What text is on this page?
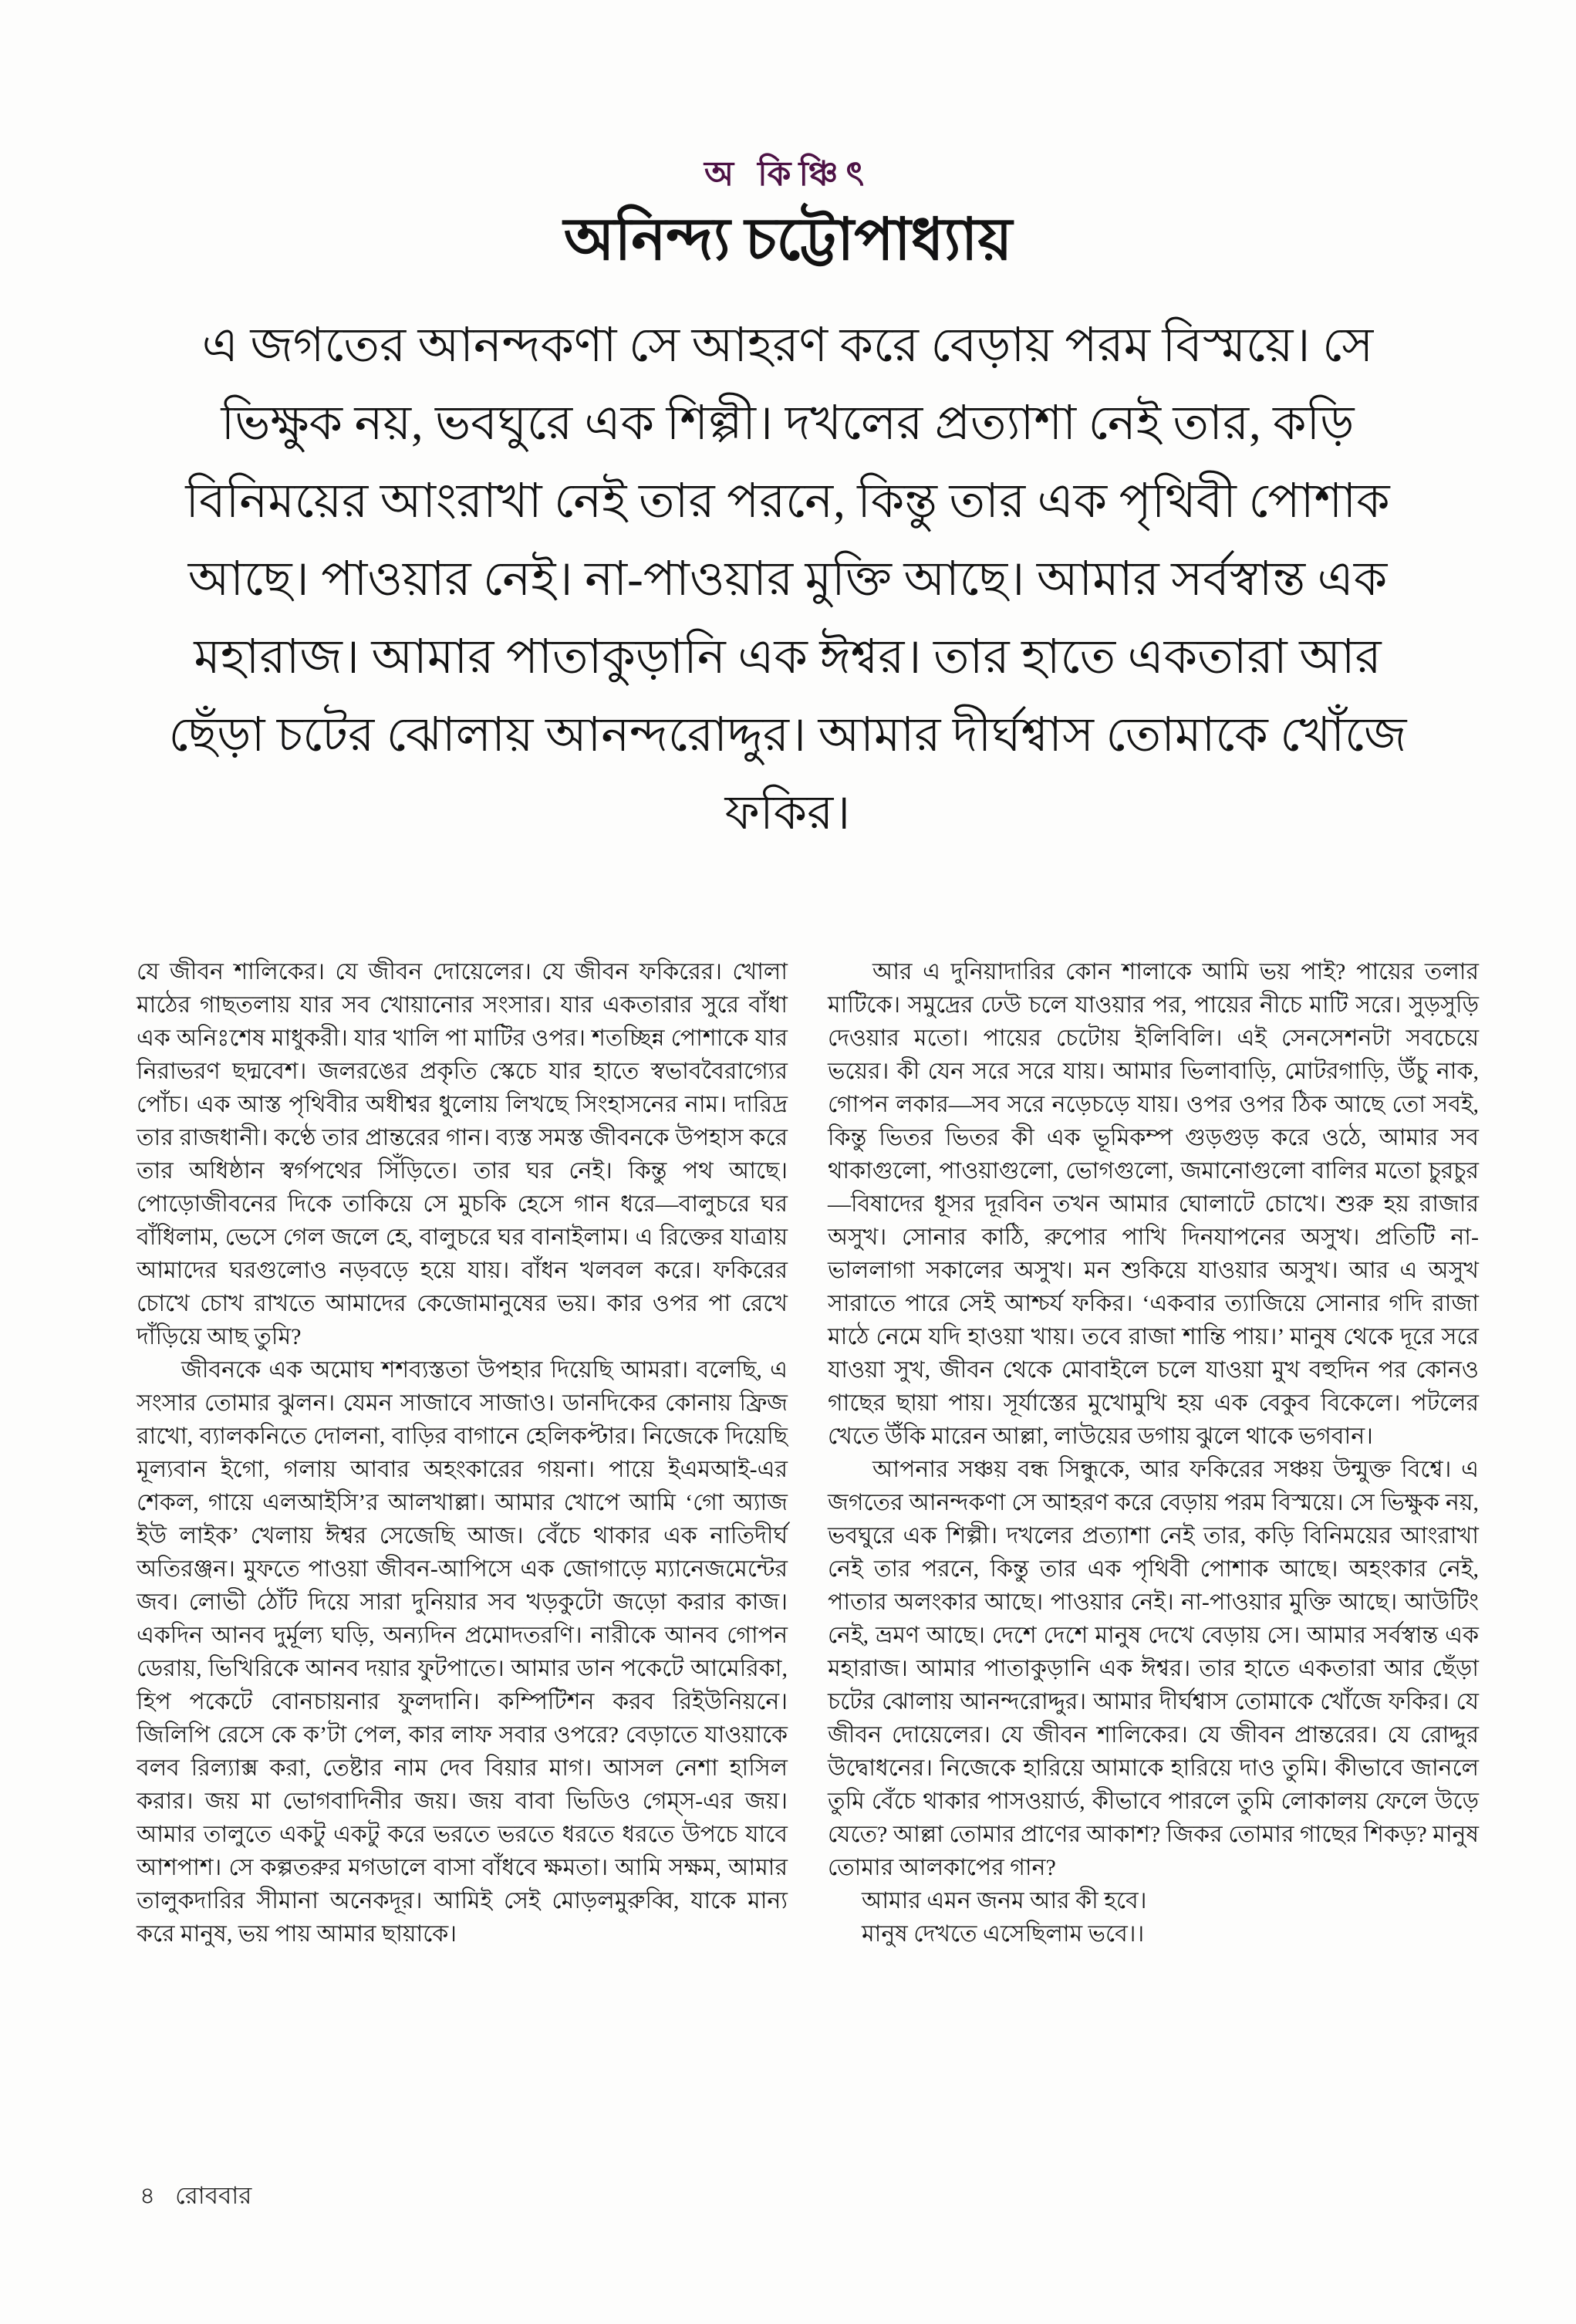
অ কিঞ্চিৎ
অনিন্দ্য চট্টোপাধ্যায়
এ জগতের আনন্দকণা সে আহরণ করে বেড়ায় পরম বিস্ময়ে। সে ভিক্ষুক নয়, ভবঘুরে এক শিল্পী। দখলের প্রত্যাশা নেই তার, কড়ি বিনিময়ের আংরাখা নেই তার পরনে, কিন্তু তার এক পৃথিবী পোশাক আছে। পাওয়ার নেই। না-পাওয়ার মুক্তি আছে। আমার সর্বস্বান্ত এক মহারাজ। আমার পাতাকুড়ানি এক ঈশ্বর। তার হাতে একতারা আর ছেঁড়া চটের ঝোলায় আনন্দরোদ্দুর। আমার দীর্ঘশ্বাস তোমাকে খোঁজে ফকির।

যে জীবন শালিকের। যে জীবন দোয়েলের। যে জীবন ফকিরের। খোলা মাঠের গাছতলায় যার সব খোয়ানোর সংসার। যার একতারার সুরে বাঁধা এক অনিঃশেষ মাধুকরী। যার খালি পা মাটির ওপর। শতচ্ছিন্ন পোশাকে যার নিরাভরণ ছদ্মবেশ। জলরঙের প্রকৃতি স্কেচে যার হাতে স্বভাববৈরাগ্যের পোঁচ। এক আস্ত পৃথিবীর অধীশ্বর ধুলোয় লিখছে সিংহাসনের নাম। দারিদ্র তার রাজধানী। কণ্ঠে তার প্রান্তরের গান। ব্যস্ত সমস্ত জীবনকে উপহাস করে তার অধিষ্ঠান স্বর্গপথের সিঁড়িতে। তার ঘর নেই। কিন্তু পথ আছে। পোড়োজীবনের দিকে তাকিয়ে সে মুচকি হেসে গান ধরে—বালুচরে ঘর বাঁধিলাম, ভেসে গেল জলে হে, বালুচরে ঘর বানাইলাম। এ রিক্তের যাত্রায় আমাদের ঘরগুলোও নড়বড়ে হয়ে যায়। বাঁধন খলবল করে। ফকিরের চোখে চোখ রাখতে আমাদের কেজোমানুষের ভয়। কার ওপর পা রেখে দাঁড়িয়ে আছ তুমি?

জীবনকে এক অমোঘ শশব্যস্ততা উপহার দিয়েছি আমরা। বলেছি, এ সংসার তোমার ঝুলন। যেমন সাজাবে সাজাও। ডানদিকের কোনায় ফ্রিজ রাখো, ব্যালকনিতে দোলনা, বাড়ির বাগানে হেলিকপ্টার। নিজেকে দিয়েছি মূল্যবান ইগো, গলায় আবার অহংকারের গয়না। পায়ে ইএমআই-এর শেকল, গায়ে এলআইসি’র আলখাল্লা। আমার খোপে আমি ‘গো অ্যাজ ইউ লাইক’ খেলায় ঈশ্বর সেজেছি আজ। বেঁচে থাকার এক নাতিদীর্ঘ অতিরঞ্জন। মুফতে পাওয়া জীবন-আপিসে এক জোগাড়ে ম্যানেজমেন্টের জব। লোভী ঠোঁট দিয়ে সারা দুনিয়ার সব খড়কুটো জড়ো করার কাজ। একদিন আনব দুর্মূল্য ঘড়ি, অন্যদিন প্রমোদতরণি। নারীকে আনব গোপন ডেরায়, ভিখিরিকে আনব দয়ার ফুটপাতে। আমার ডান পকেটে আমেরিকা, হিপ পকেটে বোনচায়নার ফুলদানি। কম্পিটিশন করব রিইউনিয়নে। জিলিপি রেসে কে ক’টা পেল, কার লাফ সবার ওপরে? বেড়াতে যাওয়াকে বলব রিল্যাক্স করা, তেষ্টার নাম দেব বিয়ার মাগ। আসল নেশা হাসিল করার। জয় মা ভোগবাদিনীর জয়। জয় বাবা ভিডিও গেম্‌স-এর জয়। আমার তালুতে একটু একটু করে ভরতে ভরতে ধরতে ধরতে উপচে যাবে আশপাশ। সে কল্পতরুর মগডালে বাসা বাঁধবে ক্ষমতা। আমি সক্ষম, আমার তালুকদারির সীমানা অনেকদূর। আমিই সেই মোড়লমুরুব্বি, যাকে মান্য করে মানুষ, ভয় পায় আমার ছায়াকে।

আর এ দুনিয়াদারির কোন শালাকে আমি ভয় পাই? পায়ের তলার মাটিকে। সমুদ্রের ঢেউ চলে যাওয়ার পর, পায়ের নীচে মাটি সরে। সুড়সুড়ি দেওয়ার মতো। পায়ের চেটোয় ইলিবিলি। এই সেনসেশনটা সবচেয়ে ভয়ের। কী যেন সরে সরে যায়। আমার ভিলাবাড়ি, মোটরগাড়ি, উঁচু নাক, গোপন লকার—সব সরে নড়েচড়ে যায়। ওপর ওপর ঠিক আছে তো সবই, কিন্তু ভিতর ভিতর কী এক ভূমিকম্প গুড়গুড় করে ওঠে, আমার সব থাকাগুলো, পাওয়াগুলো, ভোগগুলো, জমানোগুলো বালির মতো চুরচুর—বিষাদের ধূসর দূরবিন তখন আমার ঘোলাটে চোখে। শুরু হয় রাজার অসুখ। সোনার কাঠি, রুপোর পাখি দিনযাপনের অসুখ। প্রতিটি না-ভাললাগা সকালের অসুখ। মন শুকিয়ে যাওয়ার অসুখ। আর এ অসুখ সারাতে পারে সেই আশ্চর্য ফকির। ‘একবার ত্যাজিয়ে সোনার গদি রাজা মাঠে নেমে যদি হাওয়া খায়। তবে রাজা শান্তি পায়।’ মানুষ থেকে দূরে সরে যাওয়া সুখ, জীবন থেকে মোবাইলে চলে যাওয়া মুখ বহুদিন পর কোনও গাছের ছায়া পায়। সূর্যাস্তের মুখোমুখি হয় এক বেকুব বিকেলে। পটলের খেতে উঁকি মারেন আল্লা, লাউয়ের ডগায় ঝুলে থাকে ভগবান।

আপনার সঞ্চয় বন্ধ সিন্ধুকে, আর ফকিরের সঞ্চয় উন্মুক্ত বিশ্বে। এ জগতের আনন্দকণা সে আহরণ করে বেড়ায় পরম বিস্ময়ে। সে ভিক্ষুক নয়, ভবঘুরে এক শিল্পী। দখলের প্রত্যাশা নেই তার, কড়ি বিনিময়ের আংরাখা নেই তার পরনে, কিন্তু তার এক পৃথিবী পোশাক আছে। অহংকার নেই, পাতার অলংকার আছে। পাওয়ার নেই। না-পাওয়ার মুক্তি আছে। আউটিং নেই, ভ্রমণ আছে। দেশে দেশে মানুষ দেখে বেড়ায় সে। আমার সর্বস্বান্ত এক মহারাজ। আমার পাতাকুড়ানি এক ঈশ্বর। তার হাতে একতারা আর ছেঁড়া চটের ঝোলায় আনন্দরোদ্দুর। আমার দীর্ঘশ্বাস তোমাকে খোঁজে ফকির। যে জীবন দোয়েলের। যে জীবন শালিকের। যে জীবন প্রান্তরের। যে রোদ্দুর উদ্বোধনের। নিজেকে হারিয়ে আমাকে হারিয়ে দাও তুমি। কীভাবে জানলে তুমি বেঁচে থাকার পাসওয়ার্ড, কীভাবে পারলে তুমি লোকালয় ফেলে উড়ে যেতে? আল্লা তোমার প্রাণের আকাশ? জিকর তোমার গাছের শিকড়? মানুষ তোমার আলকাপের গান?

আমার এমন জনম আর কী হবে।

মানুষ দেখতে এসেছিলাম ভবে।।

৪ রোববার
